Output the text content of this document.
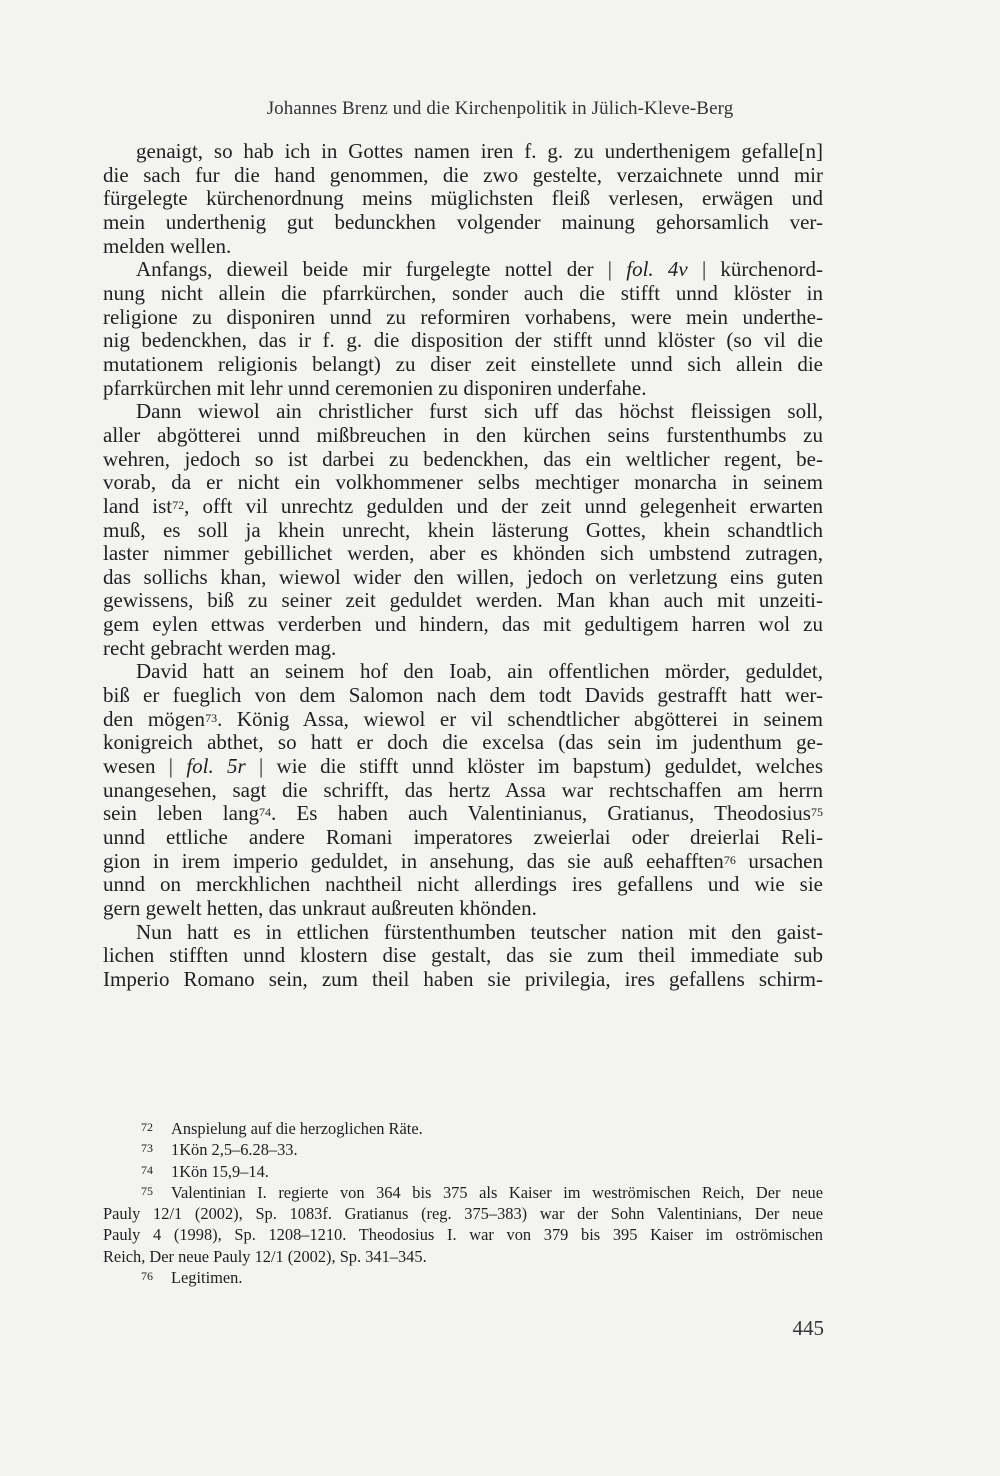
Johannes Brenz und die Kirchenpolitik in Jülich-Kleve-Berg
genaigt, so hab ich in Gottes namen iren f. g. zu underthenigem gefalle[n]
die sach fur die hand genommen, die zwo gestelte, verzaichnete unnd mir
fürgelegte kürchenordnung meins müglichsten fleiß verlesen, erwägen und
mein underthenig gut bedunckhen volgender mainung gehorsamlich ver-
melden wellen.
Anfangs, dieweil beide mir furgelegte nottel der | fol. 4v | kürchenord-
nung nicht allein die pfarrkürchen, sonder auch die stifft unnd klöster in
religione zu disponiren unnd zu reformiren vorhabens, were mein underthe-
nig bedenckhen, das ir f. g. die disposition der stifft unnd klöster (so vil die
mutationem religionis belangt) zu diser zeit einstellete unnd sich allein die
pfarrkürchen mit lehr unnd ceremonien zu disponiren underfahe.
Dann wiewol ain christlicher furst sich uff das höchst fleissigen soll,
aller abgötterei unnd mißbreuchen in den kürchen seins furstenthumbs zu
wehren, jedoch so ist darbei zu bedenckhen, das ein weltlicher regent, be-
vorab, da er nicht ein volkhommener selbs mechtiger monarcha in seinem
land ist72, offt vil unrechtz gedulden und der zeit unnd gelegenheit erwarten
muß, es soll ja khein unrecht, khein lästerung Gottes, khein schandtlich
laster nimmer gebillichet werden, aber es khönden sich umbstend zutragen,
das sollichs khan, wiewol wider den willen, jedoch on verletzung eins guten
gewissens, biß zu seiner zeit geduldet werden. Man khan auch mit unzeiti-
gem eylen ettwas verderben und hindern, das mit gedultigem harren wol zu
recht gebracht werden mag.
David hatt an seinem hof den Ioab, ain offentlichen mörder, geduldet,
biß er fueglich von dem Salomon nach dem todt Davids gestrafft hatt wer-
den mögen73. König Assa, wiewol er vil schendtlicher abgötterei in seinem
konigreich abthet, so hatt er doch die excelsa (das sein im judenthum ge-
wesen | fol. 5r | wie die stifft unnd klöster im bapstum) geduldet, welches
unangesehen, sagt die schrifft, das hertz Assa war rechtschaffen am herrn
sein leben lang74. Es haben auch Valentinianus, Gratianus, Theodosius75
unnd ettliche andere Romani imperatores zweierlai oder dreierlai Reli-
gion in irem imperio geduldet, in ansehung, das sie auß eehafften76 ursachen
unnd on merckhlichen nachtheil nicht allerdings ires gefallens und wie sie
gern gewelt hetten, das unkraut außreuten khönden.
Nun hatt es in ettlichen fürstenthumben teutscher nation mit den gaist-
lichen stifften unnd klostern dise gestalt, das sie zum theil immediate sub
Imperio Romano sein, zum theil haben sie privilegia, ires gefallens schirm-
72 Anspielung auf die herzoglichen Räte.
73 1Kön 2,5–6.28–33.
74 1Kön 15,9–14.
75 Valentinian I. regierte von 364 bis 375 als Kaiser im weströmischen Reich, Der neue
Pauly 12/1 (2002), Sp. 1083f. Gratianus (reg. 375–383) war der Sohn Valentinians, Der neue
Pauly 4 (1998), Sp. 1208–1210. Theodosius I. war von 379 bis 395 Kaiser im oströmischen
Reich, Der neue Pauly 12/1 (2002), Sp. 341–345.
76 Legitimen.
445
